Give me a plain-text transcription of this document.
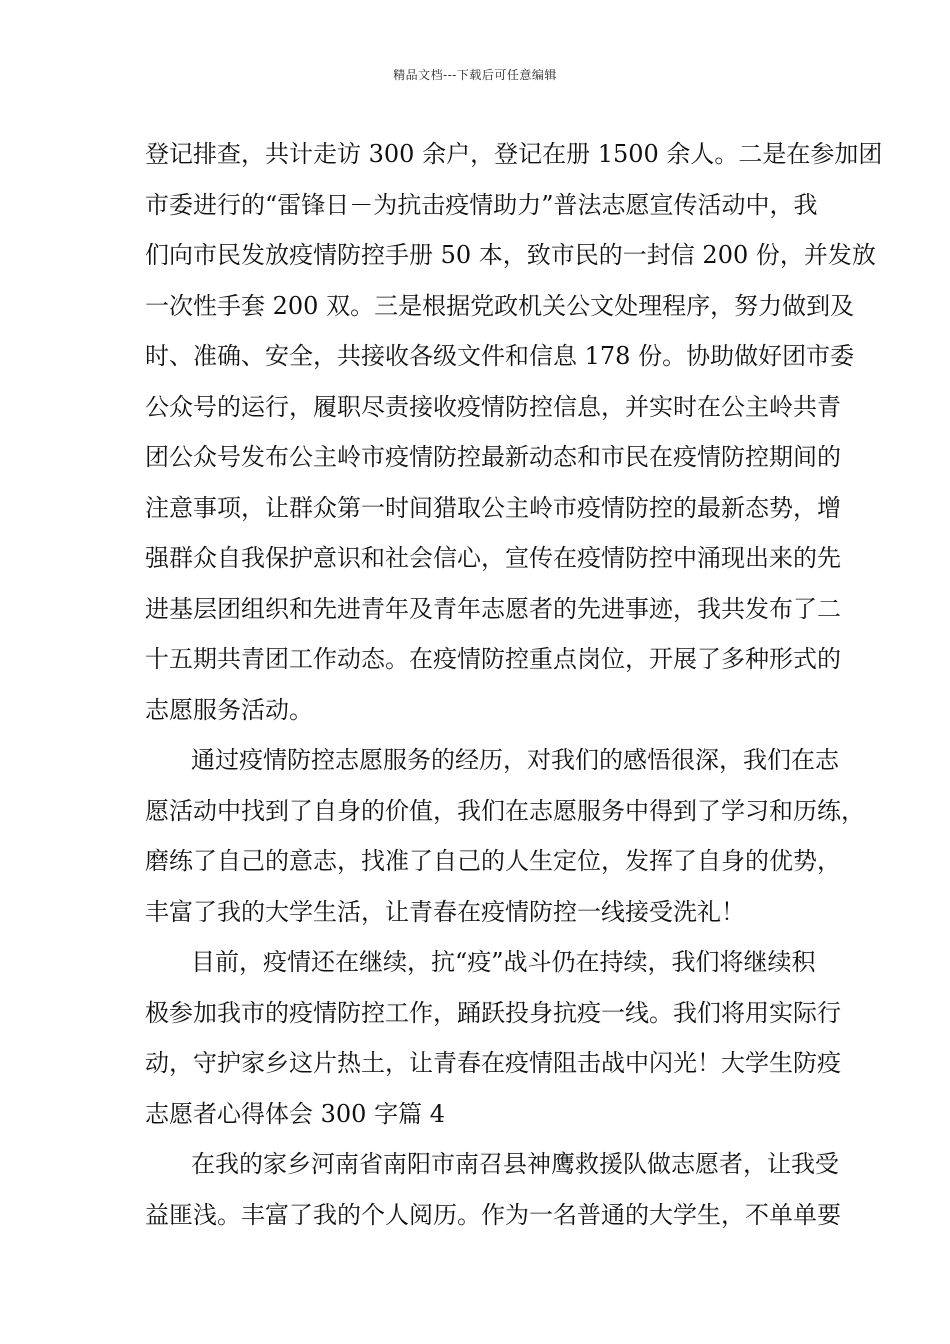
精品文档---下载后可任意编辑
登记排查，共计走访 300 余户，登记在册 1500 余人。二是在参加团
市委进行的“雷锋日－为抗击疫情助力”普法志愿宣传活动中，我
们向市民发放疫情防控手册 50 本，致市民的一封信 200 份，并发放
一次性手套 200 双。三是根据党政机关公文处理程序，努力做到及
时、准确、安全，共接收各级文件和信息 178 份。协助做好团市委
公众号的运行，履职尽责接收疫情防控信息，并实时在公主岭共青
团公众号发布公主岭市疫情防控最新动态和市民在疫情防控期间的
注意事项，让群众第一时间猎取公主岭市疫情防控的最新态势，增
强群众自我保护意识和社会信心，宣传在疫情防控中涌现出来的先
进基层团组织和先进青年及青年志愿者的先进事迹，我共发布了二
十五期共青团工作动态。在疫情防控重点岗位，开展了多种形式的
志愿服务活动。
通过疫情防控志愿服务的经历，对我们的感悟很深，我们在志
愿活动中找到了自身的价值，我们在志愿服务中得到了学习和历练，
磨练了自己的意志，找准了自己的人生定位，发挥了自身的优势，
丰富了我的大学生活，让青春在疫情防控一线接受洗礼！
目前，疫情还在继续，抗“疫”战斗仍在持续，我们将继续积
极参加我市的疫情防控工作，踊跃投身抗疫一线。我们将用实际行
动，守护家乡这片热土，让青春在疫情阻击战中闪光！大学生防疫
志愿者心得体会 300 字篇 4
在我的家乡河南省南阳市南召县神鹰救援队做志愿者，让我受
益匪浅。丰富了我的个人阅历。作为一名普通的大学生，不单单要
